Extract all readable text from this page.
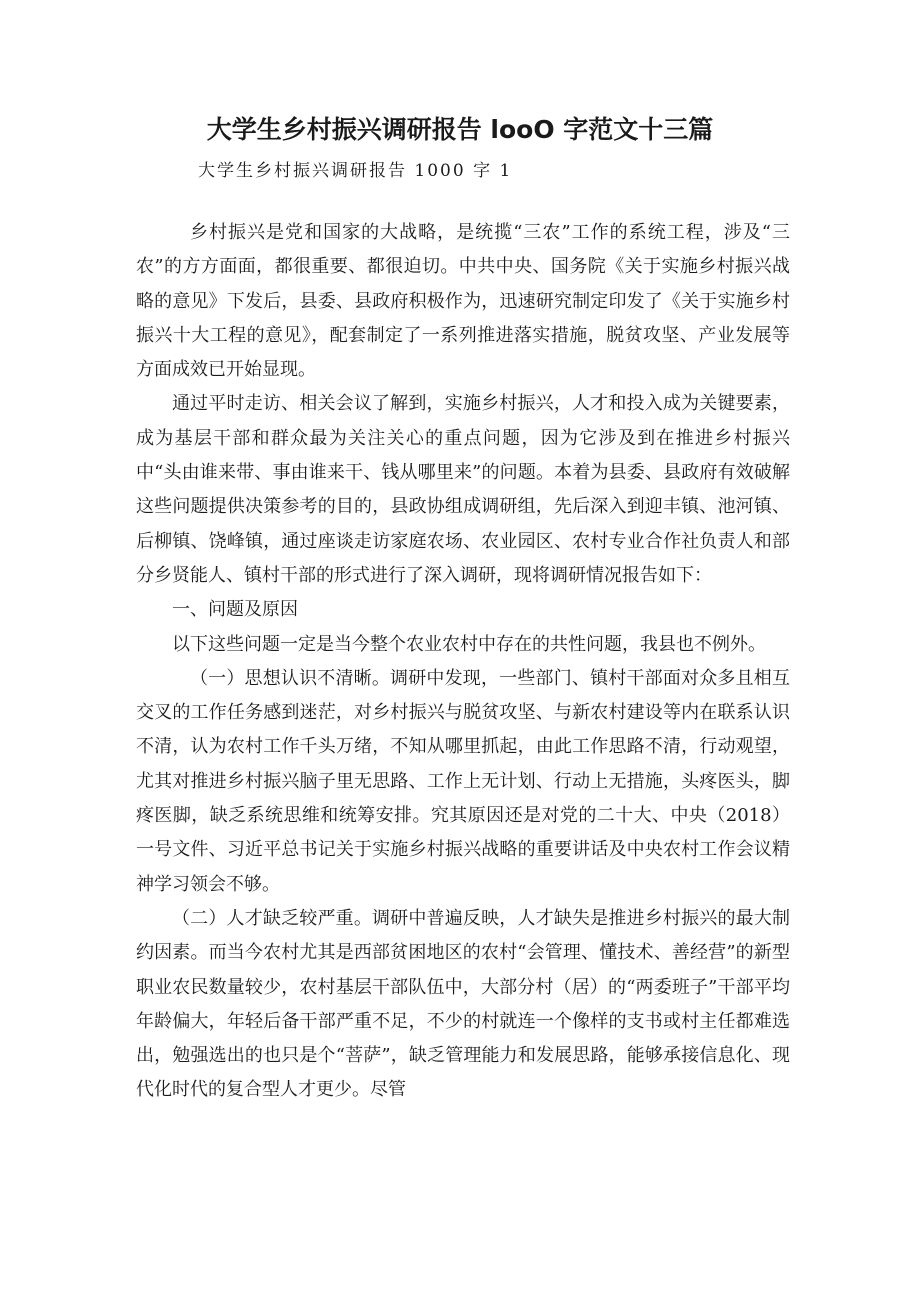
大学生乡村振兴调研报告 looO 字范文十三篇
大学生乡村振兴调研报告 1000 字 1

乡村振兴是党和国家的大战略，是统揽“三农”工作的系统工程，涉及“三农”的方方面面，都很重要、都很迫切。中共中央、国务院《关于实施乡村振兴战略的意见》下发后，县委、县政府积极作为，迅速研究制定印发了《关于实施乡村振兴十大工程的意见》，配套制定了一系列推进落实措施，脱贫攻坚、产业发展等方面成效已开始显现。

通过平时走访、相关会议了解到，实施乡村振兴，人才和投入成为关键要素，成为基层干部和群众最为关注关心的重点问题，因为它涉及到在推进乡村振兴中“头由谁来带、事由谁来干、钱从哪里来”的问题。本着为县委、县政府有效破解这些问题提供决策参考的目的，县政协组成调研组，先后深入到迎丰镇、池河镇、后柳镇、饶峰镇，通过座谈走访家庭农场、农业园区、农村专业合作社负责人和部分乡贤能人、镇村干部的形式进行了深入调研，现将调研情况报告如下：

一、问题及原因

以下这些问题一定是当今整个农业农村中存在的共性问题，我县也不例外。

（一）思想认识不清晰。调研中发现，一些部门、镇村干部面对众多且相互交叉的工作任务感到迷茫，对乡村振兴与脱贫攻坚、与新农村建设等内在联系认识不清，认为农村工作千头万绪，不知从哪里抓起，由此工作思路不清，行动观望，尤其对推进乡村振兴脑子里无思路、工作上无计划、行动上无措施，头疼医头，脚疼医脚，缺乏系统思维和统筹安排。究其原因还是对党的二十大、中央（2018）一号文件、习近平总书记关于实施乡村振兴战略的重要讲话及中央农村工作会议精神学习领会不够。

（二）人才缺乏较严重。调研中普遍反映，人才缺失是推进乡村振兴的最大制约因素。而当今农村尤其是西部贫困地区的农村“会管理、懂技术、善经营”的新型职业农民数量较少，农村基层干部队伍中，大部分村（居）的“两委班子”干部平均年龄偏大，年轻后备干部严重不足，不少的村就连一个像样的支书或村主任都难选出，勉强选出的也只是个“菩萨”，缺乏管理能力和发展思路，能够承接信息化、现代化时代的复合型人才更少。尽管
